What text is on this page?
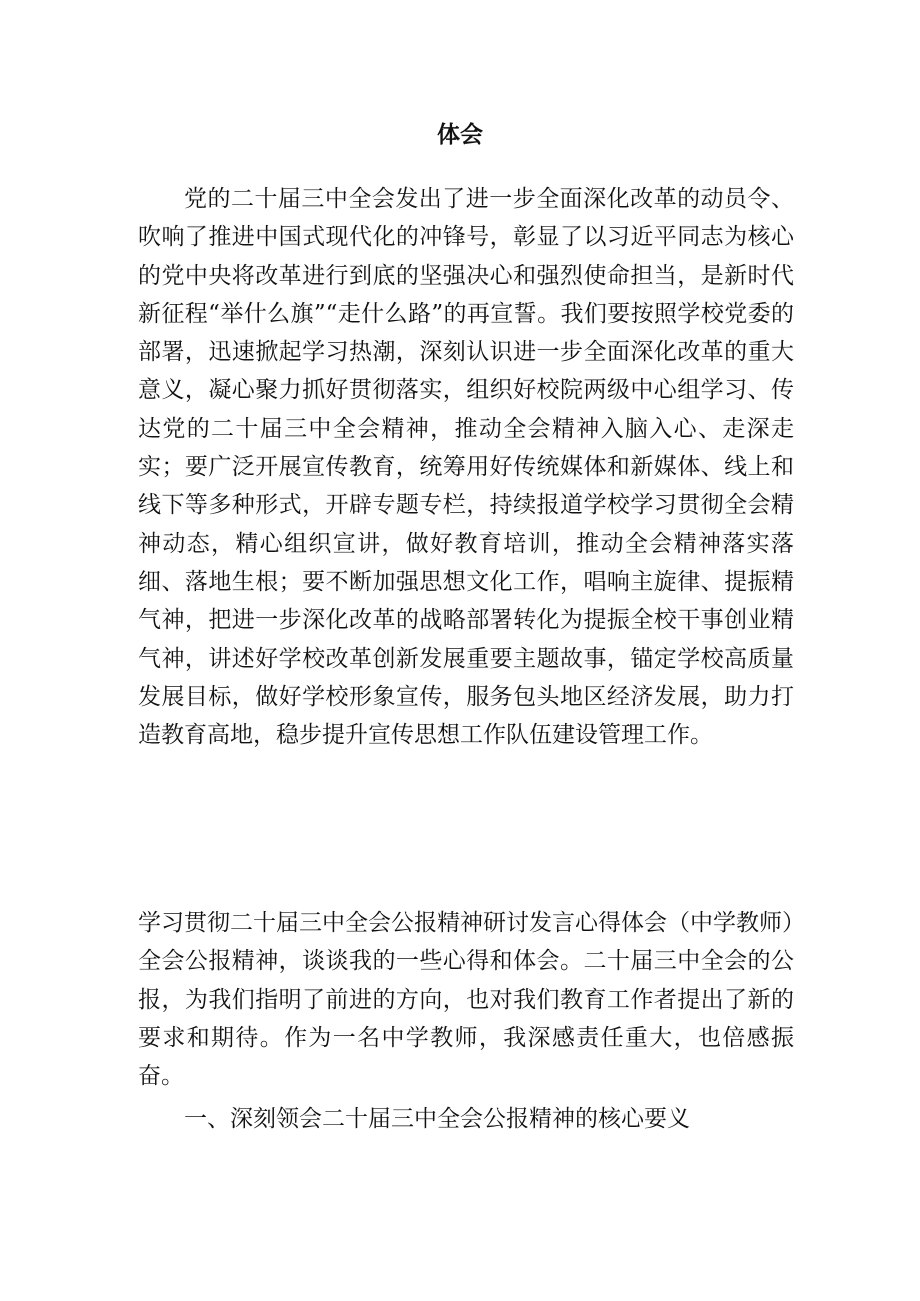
体会

党的二十届三中全会发出了进一步全面深化改革的动员令、吹响了推进中国式现代化的冲锋号，彰显了以习近平同志为核心的党中央将改革进行到底的坚强决心和强烈使命担当，是新时代新征程“举什么旗”“走什么路”的再宣誓。我们要按照学校党委的部署，迅速掀起学习热潮，深刻认识进一步全面深化改革的重大意义，凝心聚力抓好贯彻落实，组织好校院两级中心组学习、传达党的二十届三中全会精神，推动全会精神入脑入心、走深走实；要广泛开展宣传教育，统筹用好传统媒体和新媒体、线上和线下等多种形式，开辟专题专栏，持续报道学校学习贯彻全会精神动态，精心组织宣讲，做好教育培训，推动全会精神落实落细、落地生根；要不断加强思想文化工作，唱响主旋律、提振精气神，把进一步深化改革的战略部署转化为提振全校干事创业精气神，讲述好学校改革创新发展重要主题故事，锚定学校高质量发展目标，做好学校形象宣传，服务包头地区经济发展，助力打造教育高地，稳步提升宣传思想工作队伍建设管理工作。

学习贯彻二十届三中全会公报精神研讨发言心得体会（中学教师）全会公报精神，谈谈我的一些心得和体会。二十届三中全会的公报，为我们指明了前进的方向，也对我们教育工作者提出了新的要求和期待。作为一名中学教师，我深感责任重大，也倍感振奋。

一、深刻领会二十届三中全会公报精神的核心要义
